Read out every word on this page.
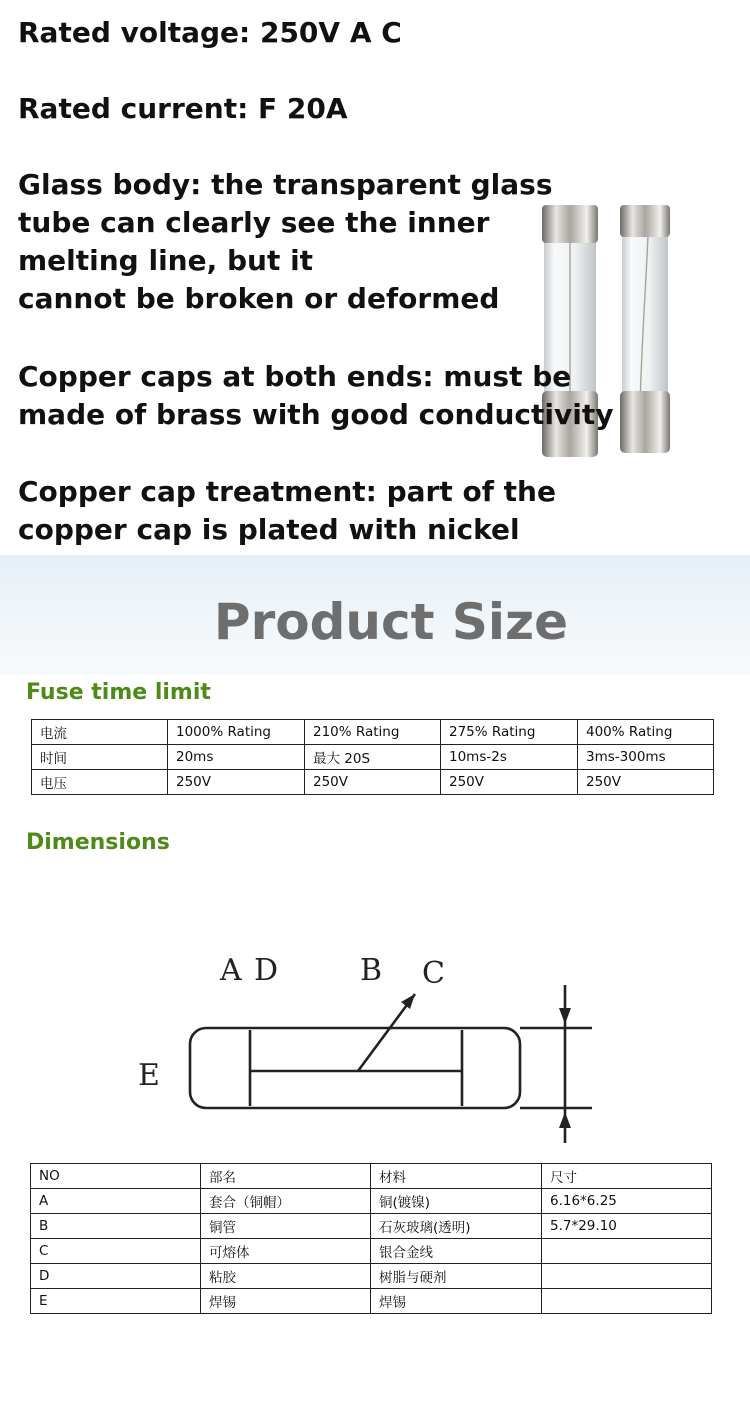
Rated voltage: 250V A C

Rated current: F 20A

Glass body: the transparent glass

tube can clearly see the inner

melting line, but it

cannot be broken or deformed

Copper caps at both ends: must be

made of brass with good conductivity

Copper cap treatment: part of the

copper cap is plated with nickel

Product Size
Fuse time limit
电流	1000% Rating	210% Rating	275% Rating	400% Rating
时间	20ms	最大 20S	10ms-2s	3ms-300ms
电压	250V	250V	250V	250V
Dimensions
A D	B C
E
NO	部名	材料	尺寸
A	套合（铜帽）	铜(镀镍)	6.16*6.25
B	铜管	石灰玻璃(透明)	5.7*29.10
C	可熔体	银合金线	
D	粘胶	树脂与硬剂	
E	焊锡	焊锡	
